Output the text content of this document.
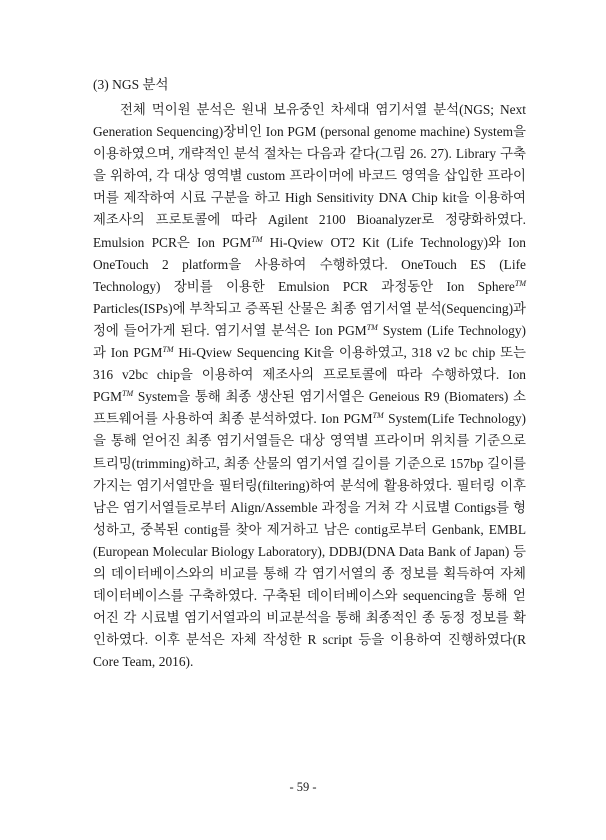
(3) NGS 분석

전체 먹이원 분석은 원내 보유중인 차세대 염기서열 분석(NGS; Next Generation Sequencing)장비인 Ion PGM (personal genome machine) System을 이용하였으며, 개략적인 분석 절차는 다음과 같다(그림 26. 27). Library 구축을 위하여, 각 대상 영역별 custom 프라이머에 바코드 영역을 삽입한 프라이머를 제작하여 시료 구분을 하고 High Sensitivity DNA Chip kit을 이용하여 제조사의 프로토콜에 따라 Agilent 2100 Bioanalyzer로 정량화하였다. Emulsion PCR은 Ion PGM™ Hi-Qview OT2 Kit (Life Technology)와 Ion OneTouch 2 platform을 사용하여 수행하였다. OneTouch ES (Life Technology) 장비를 이용한 Emulsion PCR 과정동안 Ion Sphere™ Particles(ISPs)에 부착되고 증폭된 산물은 최종 염기서열 분석(Sequencing)과정에 들어가게 된다. 염기서열 분석은 Ion PGM™ System (Life Technology)과 Ion PGM™ Hi-Qview Sequencing Kit을 이용하였고, 318 v2 bc chip 또는 316 v2bc chip을 이용하여 제조사의 프로토콜에 따라 수행하였다. Ion PGM™ System을 통해 최종 생산된 염기서열은 Geneious R9 (Biomaters) 소프트웨어를 사용하여 최종 분석하였다. Ion PGM™ System(Life Technology)을 통해 얻어진 최종 염기서열들은 대상 영역별 프라이머 위치를 기준으로 트리밍(trimming)하고, 최종 산물의 염기서열 길이를 기준으로 157bp 길이를 가지는 염기서열만을 필터링(filtering)하여 분석에 활용하였다. 필터링 이후 남은 염기서열들로부터 Align/Assemble 과정을 거쳐 각 시료별 Contigs를 형성하고, 중복된 contig를 찾아 제거하고 남은 contig로부터 Genbank, EMBL (European Molecular Biology Laboratory), DDBJ(DNA Data Bank of Japan) 등의 데이터베이스와의 비교를 통해 각 염기서열의 종 정보를 획득하여 자체 데이터베이스를 구축하였다. 구축된 데이터베이스와 sequencing을 통해 얻어진 각 시료별 염기서열과의 비교분석을 통해 최종적인 종 동정 정보를 확인하였다. 이후 분석은 자체 작성한 R script 등을 이용하여 진행하였다(R Core Team, 2016).

- 59 -
